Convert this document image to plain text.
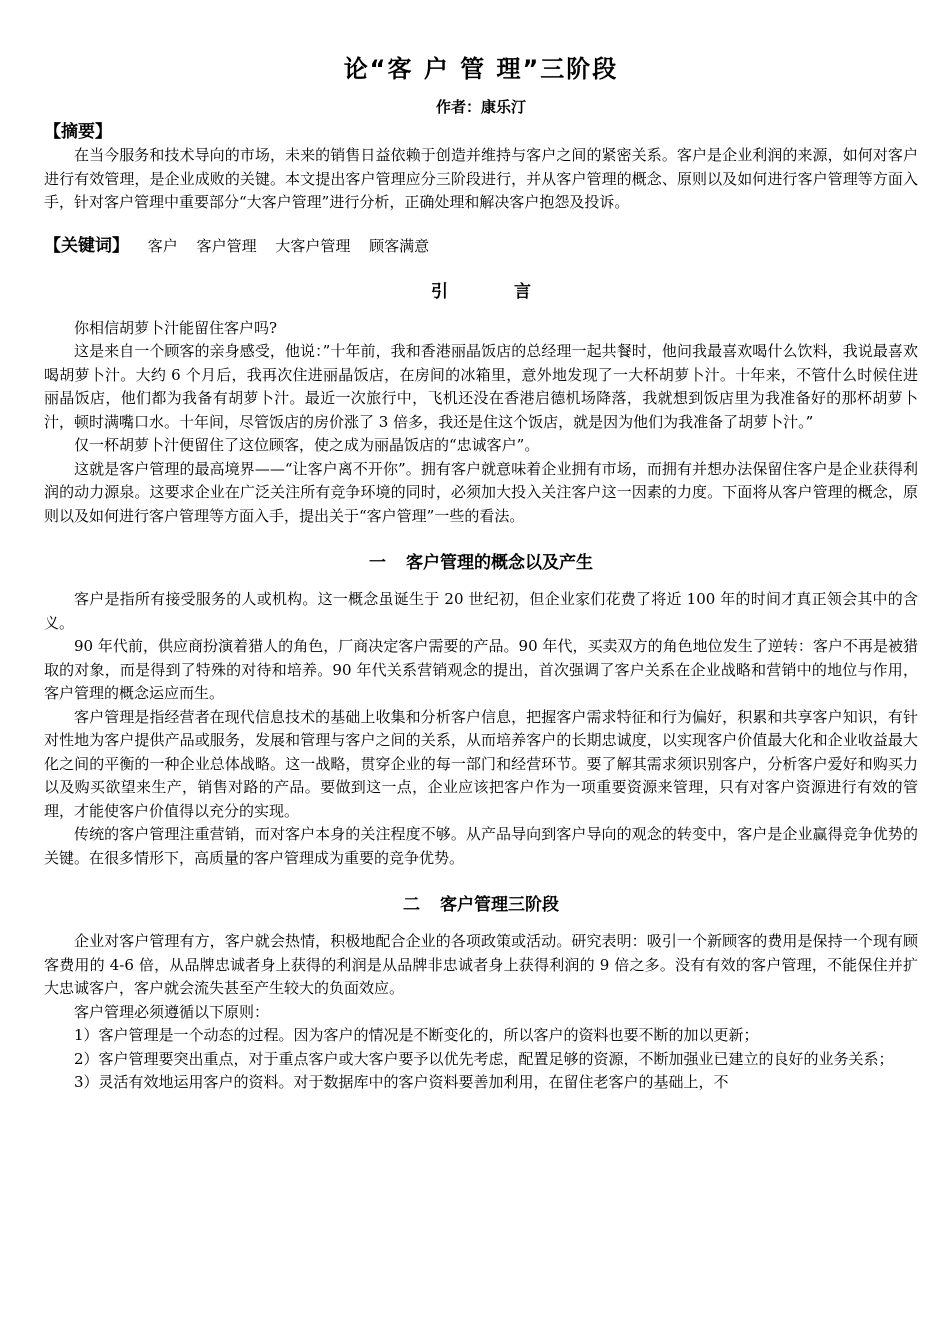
论“客 户 管 理”三阶段
作者：康乐汀
【摘要】

在当今服务和技术导向的市场，未来的销售日益依赖于创造并维持与客户之间的紧密关系。客户是企业利润的来源，如何对客户进行有效管理，是企业成败的关键。本文提出客户管理应分三阶段进行，并从客户管理的概念、原则以及如何进行客户管理等方面入手，针对客户管理中重要部分“大客户管理”进行分析，正确处理和解决客户抱怨及投诉。

【关键词】 客户 客户管理 大客户管理 顾客满意
引言

你相信胡萝卜汁能留住客户吗?

这是来自一个顾客的亲身感受，他说：”十年前，我和香港丽晶饭店的总经理一起共餐时，他问我最喜欢喝什么饮料，我说最喜欢喝胡萝卜汁。大约 6 个月后，我再次住进丽晶饭店，在房间的冰箱里，意外地发现了一大杯胡萝卜汁。十年来，不管什么时候住进丽晶饭店，他们都为我备有胡萝卜汁。最近一次旅行中，飞机还没在香港启德机场降落，我就想到饭店里为我准备好的那杯胡萝卜汁，顿时满嘴口水。十年间，尽管饭店的房价涨了 3 倍多，我还是住这个饭店，就是因为他们为我准备了胡萝卜汁。”

仅一杯胡萝卜汁便留住了这位顾客，使之成为丽晶饭店的“忠诚客户”。

这就是客户管理的最高境界——“让客户离不开你”。拥有客户就意味着企业拥有市场，而拥有并想办法保留住客户是企业获得利润的动力源泉。这要求企业在广泛关注所有竞争环境的同时，必须加大投入关注客户这一因素的力度。下面将从客户管理的概念，原则以及如何进行客户管理等方面入手，提出关于“客户管理”一些的看法。

一 客户管理的概念以及产生

客户是指所有接受服务的人或机构。这一概念虽诞生于 20 世纪初，但企业家们花费了将近 100 年的时间才真正领会其中的含义。

90 年代前，供应商扮演着猎人的角色，厂商决定客户需要的产品。90 年代，买卖双方的角色地位发生了逆转：客户不再是被猎取的对象，而是得到了特殊的对待和培养。90 年代关系营销观念的提出，首次强调了客户关系在企业战略和营销中的地位与作用，客户管理的概念运应而生。

客户管理是指经营者在现代信息技术的基础上收集和分析客户信息，把握客户需求特征和行为偏好，积累和共享客户知识，有针对性地为客户提供产品或服务，发展和管理与客户之间的关系，从而培养客户的长期忠诚度，以实现客户价值最大化和企业收益最大化之间的平衡的一种企业总体战略。这一战略，贯穿企业的每一部门和经营环节。要了解其需求须识别客户，分析客户爱好和购买力以及购买欲望来生产，销售对路的产品。要做到这一点，企业应该把客户作为一项重要资源来管理，只有对客户资源进行有效的管理，才能使客户价值得以充分的实现。

传统的客户管理注重营销，而对客户本身的关注程度不够。从产品导向到客户导向的观念的转变中，客户是企业赢得竞争优势的关键。在很多情形下，高质量的客户管理成为重要的竞争优势。

二 客户管理三阶段

企业对客户管理有方，客户就会热情，积极地配合企业的各项政策或活动。研究表明：吸引一个新顾客的费用是保持一个现有顾客费用的 4-6 倍，从品牌忠诚者身上获得的利润是从品牌非忠诚者身上获得利润的 9 倍之多。没有有效的客户管理，不能保住并扩大忠诚客户，客户就会流失甚至产生较大的负面效应。

客户管理必须遵循以下原则：

1）客户管理是一个动态的过程。因为客户的情况是不断变化的，所以客户的资料也要不断的加以更新；

2）客户管理要突出重点，对于重点客户或大客户要予以优先考虑，配置足够的资源，不断加强业已建立的良好的业务关系；

3）灵活有效地运用客户的资料。对于数据库中的客户资料要善加利用，在留住老客户的基础上，不
